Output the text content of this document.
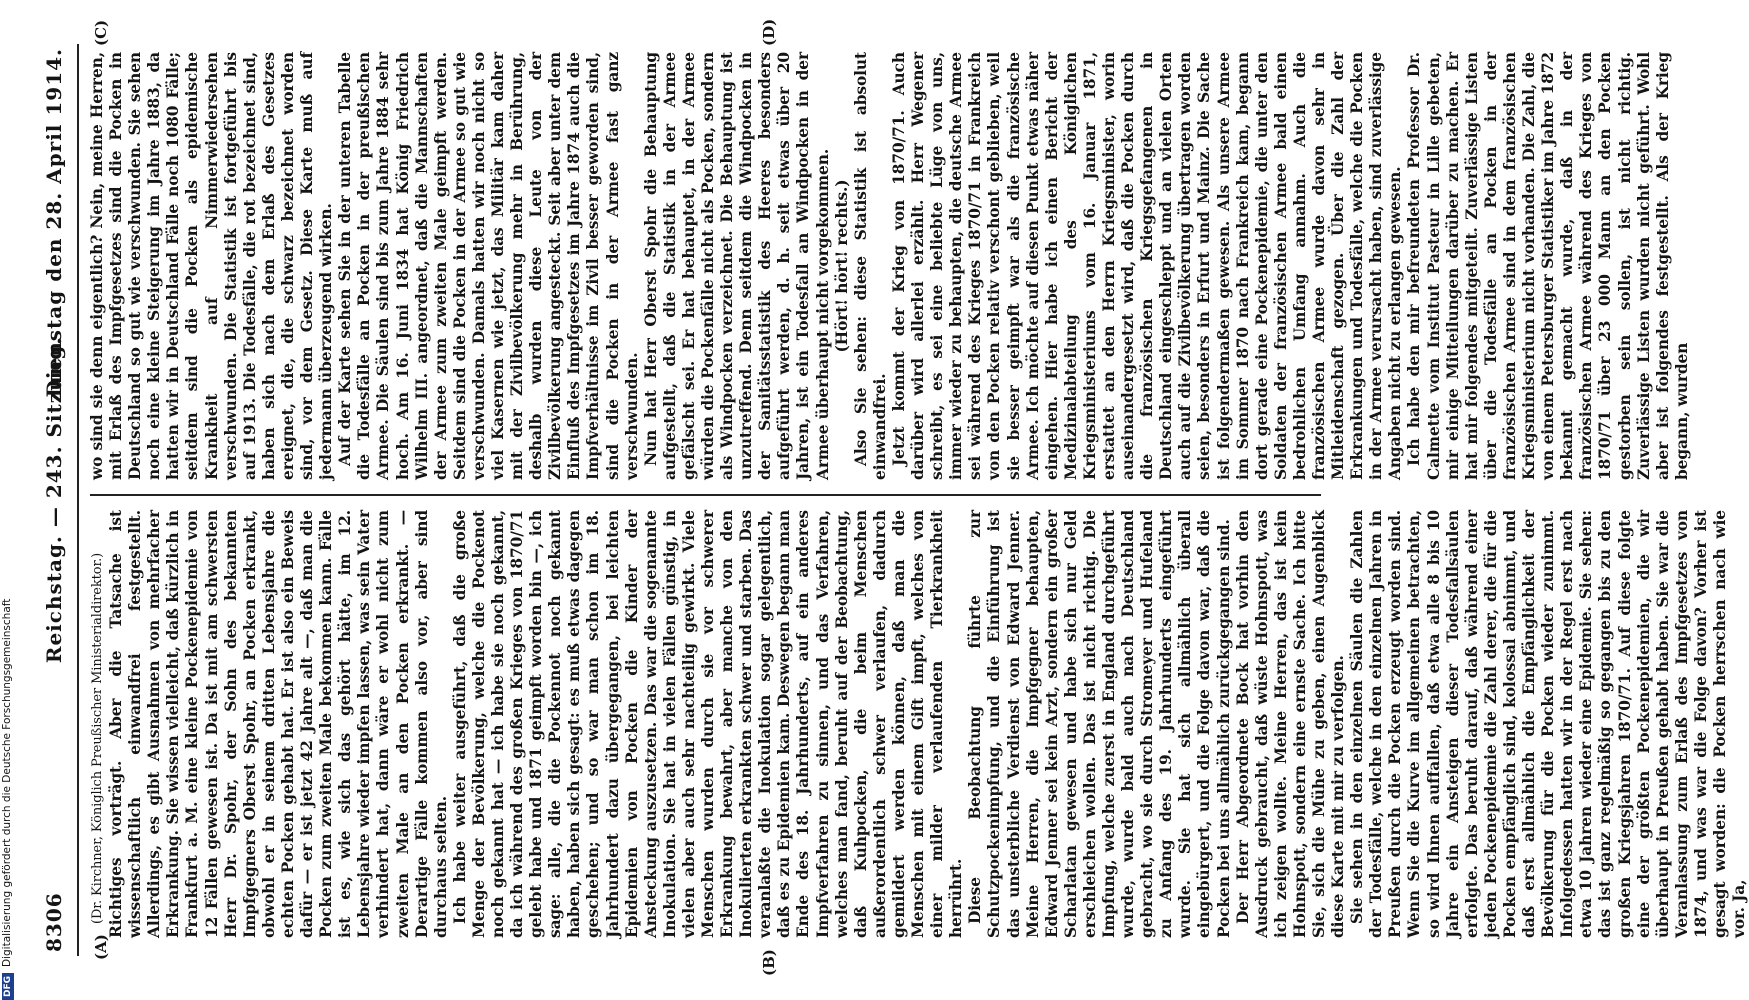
8306
Reichstag. — 243. Sitzung.
Dienstag den 28. April 1914.
(A)
(B)
(C)	(D)

(Dr. Kirchner, Königlich Preußischer Ministerialdirektor.) Richtiges vorträgt. Aber die Tatsache ist wissenschaftlich einwandfrei festgestellt. Allerdings, es gibt Ausnahmen von mehrfacher Erkrankung. Sie wissen vielleicht, daß kürzlich in Frankfurt a. M. eine kleine Pockenepidemie von 12 Fällen gewesen ist. Da ist mit am schwersten Herr Dr. Spohr, der Sohn des bekannten Impfgegners Oberst Spohr, an Pocken erkrankt, obwohl er in seinem dritten Lebensjahre die echten Pocken gehabt hat. Er ist also ein Beweis dafür — er ist jetzt 42 Jahre alt —, daß man die Pocken zum zweiten Male bekommen kann. Fälle ist es, wie sich das gehört hätte, im 12. Lebensjahre wieder impfen lassen, was sein Vater verhindert hat, dann wäre er wohl nicht zum zweiten Male an den Pocken erkrankt. — Derartige Fälle kommen also vor, aber sind durchaus selten. Ich habe weiter ausgeführt, daß die große Menge der Bevölkerung, welche die Pockenot noch gekannt hat — ich habe sie noch gekannt, da ich während des großen Krieges von 1870/71 gelebt habe und 1871 geimpft worden bin —, ich sage: alle, die die Pockennot noch gekannt haben, haben sich gesagt: es muß etwas dagegen geschehen; und so war man schon im 18. Jahrhundert dazu übergegangen, bei leichten Epidemien von Pocken die Kinder der Ansteckung auszusetzen. Das war die sogenannte Inokulation. Sie hat in vielen Fällen günstig, in vielen aber auch sehr nachteilig gewirkt. Viele Menschen wurden durch sie vor schwerer Erkrankung bewahrt, aber manche von den Inokulierten erkrankten schwer und starben. Das veranlaßte die Inokulation sogar gelegentlich, daß es zu Epidemien kam. Deswegen begann man Ende des 18. Jahrhunderts, auf ein anderes Impfverfahren zu sinnen, und das Verfahren, welches man fand, beruht auf der Beobachtung, daß Kuhpocken, die beim Menschen außerordentlich schwer verlaufen, dadurch gemildert werden können, daß man die Menschen mit einem Gift impft, welches von einer milder verlaufenden Tierkrankheit herrührt. Diese Beobachtung führte zur Schutzpockenimpfung, und die Einführung ist das unsterbliche Verdienst von Edward Jenner. Meine Herren, die Impfgegner behaupten, Edward Jenner sei kein Arzt, sondern ein großer Scharlatan gewesen und habe sich nur Geld erschleichen wollen. Das ist nicht richtig. Die Impfung, welche zuerst in England durchgeführt wurde, wurde bald auch nach Deutschland gebracht, wo sie durch Stromeyer und Hufeland zu Anfang des 19. Jahrhunderts eingeführt wurde. Sie hat sich allmählich überall eingebürgert, und die Folge davon war, daß die Pocken bei uns allmählich zurückgegangen sind. Der Herr Abgeordnete Bock hat vorhin den Ausdruck gebraucht, daß wüste Hohnspott, was ich zeigen wollte. Meine Herren, das ist kein Hohnspott, sondern eine ernste Sache. Ich bitte Sie, sich die Mühe zu geben, einen Augenblick diese Karte mit mir zu verfolgen. Sie sehen in den einzelnen Säulen die Zahlen der Todesfälle, welche in den einzelnen Jahren in Preußen durch die Pocken erzeugt worden sind. Wenn Sie die Kurve im allgemeinen betrachten, so wird Ihnen auffallen, daß etwa alle 8 bis 10 Jahre ein Ansteigen dieser Todesfallsäulen erfolgte. Das beruht darauf, daß während einer jeden Pockenepidemie die Zahl derer, die für die Pocken empfänglich sind, kolossal abnimmt, und daß erst allmählich die Empfänglichkeit der Bevölkerung für die Pocken wieder zunimmt. Infolgedessen hatten wir in der Regel erst nach etwa 10 Jahren wieder eine Epidemie. Sie sehen: das ist ganz regelmäßig so gegangen bis zu den großen Kriegsjahren 1870/71. Auf diese folgte eine der größten Pockenepidemien, die wir überhaupt in Preußen gehabt haben. Sie war die Veranlassung zum Erlaß des Impfgesetzes von 1874, und was war die Folge davon? Vorher ist gesagt worden: die Pocken herrschen nach wie vor. Ja,

wo sind sie denn eigentlich? Nein, meine Herren, mit Erlaß des Impfgesetzes sind die Pocken in Deutschland so gut wie verschwunden. Sie sehen noch eine kleine Steigerung im Jahre 1883, da hatten wir in Deutschland Fälle noch 1080 Fälle; seitdem sind die Pocken als epidemische Krankheit auf Nimmerwiedersehen verschwunden. Die Statistik ist fortgeführt bis auf 1913. Die Todesfälle, die rot bezeichnet sind, haben sich nach dem Erlaß des Gesetzes ereignet, die, die schwarz bezeichnet worden sind, vor dem Gesetz. Diese Karte muß auf jedermann überzeugend wirken. Auf der Karte sehen Sie in der unteren Tabelle die Todesfälle an Pocken in der preußischen Armee. Die Säulen sind bis zum Jahre 1884 sehr hoch. Am 16. Juni 1834 hat König Friedrich Wilhelm III. angeordnet, daß die Mannschaften der Armee zum zweiten Male geimpft werden. Seitdem sind die Pocken in der Armee so gut wie verschwunden. Damals hatten wir noch nicht so viel Kasernen wie jetzt, das Militär kam daher mit der Zivilbevölkerung mehr in Berührung, deshalb wurden diese Leute von der Zivilbevölkerung angesteckt. Seit aber unter dem Einfluß des Impfgesetzes im Jahre 1874 auch die Impfverhältnisse im Zivil besser geworden sind, sind die Pocken in der Armee fast ganz verschwunden. Nun hat Herr Oberst Spohr die Behauptung aufgestellt, daß die Statistik in der Armee gefälscht sei. Er hat behauptet, in der Armee würden die Pockenfälle nicht als Pocken, sondern als Windpocken verzeichnet. Die Behauptung ist unzutreffend. Denn seitdem die Windpocken in der Sanitätsstatistik des Heeres besonders aufgeführt werden, d. h. seit etwas über 20 Jahren, ist ein Todesfall an Windpocken in der Armee überhaupt nicht vorgekommen. (Hört! hört! rechts.) Also Sie sehen: diese Statistik ist absolut einwandfrei. Jetzt kommt der Krieg von 1870/71. Auch darüber wird allerlei erzählt. Herr Wegener schreibt, es sei eine beliebte Lüge von uns, immer wieder zu behaupten, die deutsche Armee sei während des Krieges 1870/71 in Frankreich von den Pocken relativ verschont geblieben, weil sie besser geimpft war als die französische Armee. Ich möchte auf diesen Punkt etwas näher eingehen. Hier habe ich einen Bericht der Medizinalabteilung des Königlichen Kriegsministeriums vom 16. Januar 1871, erstattet an den Herrn Kriegsminister, worin auseinandergesetzt wird, daß die Pocken durch die französischen Kriegsgefangenen in Deutschland eingeschleppt und an vielen Orten auch auf die Zivilbevölkerung übertragen worden seien, besonders in Erfurt und Mainz. Die Sache ist folgendermaßen gewesen. Als unsere Armee im Sommer 1870 nach Frankreich kam, begann dort gerade eine Pockenepidemie, die unter den Soldaten der französischen Armee bald einen bedrohlichen Umfang annahm. Auch die französischen Armee wurde davon sehr in Mitleidenschaft gezogen. Über die Zahl der Erkrankungen und Todesfälle, welche die Pocken in der Armee verursacht haben, sind zuverlässige Angaben nicht zu erlangen gewesen. Ich habe den mir befreundeten Professor Dr. Calmette vom Institut Pasteur in Lille gebeten, mir einige Mitteilungen darüber zu machen. Er hat mir folgendes mitgeteilt. Zuverlässige Listen über die Todesfälle an Pocken in der französischen Armee sind in dem französischen Kriegsministerium nicht vorhanden. Die Zahl, die von einem Petersburger Statistiker im Jahre 1872 bekannt gemacht wurde, daß in der französischen Armee während des Krieges von 1870/71 über 23 000 Mann an den Pocken gestorben sein sollen, ist nicht richtig. Zuverlässige Listen wurden nicht geführt. Wohl aber ist folgendes festgestellt. Als der Krieg begann, wurden

DFGDigitalisierung gefördert durch die Deutsche Forschungsgemeinschaft
